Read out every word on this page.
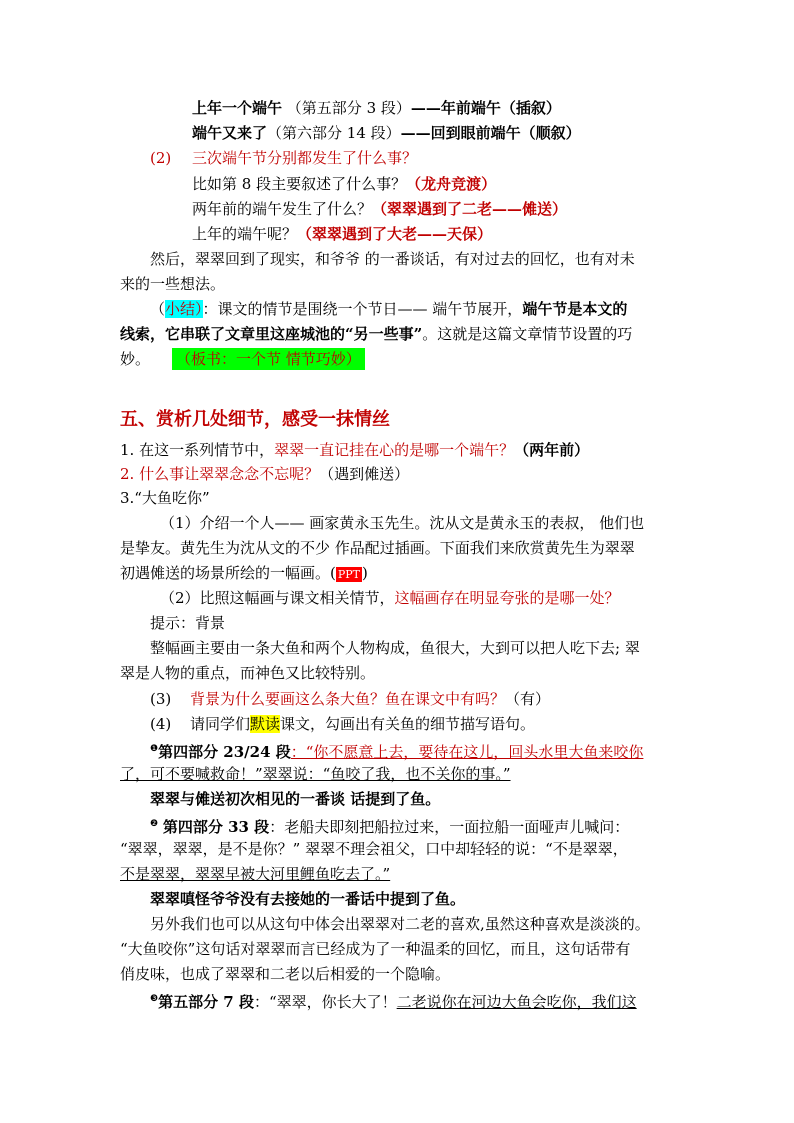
上年一个端午 （第五部分 3 段）——年前端午（插叙）
端午又来了（第六部分 14 段）——回到眼前端午（顺叙）
(2) 三次端午节分别都发生了什么事？
比如第 8 段主要叙述了什么事？（龙舟竞渡）
两年前的端午发生了什么？（翠翠遇到了二老——傩送）
上年的端午呢？（翠翠遇到了大老——天保）
然后，翠翠回到了现实，和爷爷 的一番谈话，有对过去的回忆，也有对未
来的一些想法。
（小结）：课文的情节是围绕一个节日—— 端午节展开，端午节是本文的
线索，它串联了文章里这座城池的“另一些事”。这就是这篇文章情节设置的巧
妙。 （板书：一个节 情节巧妙）
五、赏析几处细节，感受一抹情丝
1. 在这一系列情节中，翠翠一直记挂在心的是哪一个端午？（两年前）
2. 什么事让翠翠念念不忘呢？（遇到傩送）
3.“大鱼吃你”
（1）介绍一个人—— 画家黄永玉先生。沈从文是黄永玉的表叔， 他们也
是挚友。黄先生为沈从文的不少 作品配过插画。下面我们来欣赏黄先生为翠翠
初遇傩送的场景所绘的一幅画。( PPT )
（2）比照这幅画与课文相关情节，这幅画存在明显夸张的是哪一处？
提示：背景
整幅画主要由一条大鱼和两个人物构成，鱼很大，大到可以把人吃下去; 翠
翠是人物的重点，而神色又比较特别。
(3) 背景为什么要画这么条大鱼？鱼在课文中有吗？（有）
(4) 请同学们默读课文，勾画出有关鱼的细节描写语句。
$^❶$第四部分 23/24 段：“你不愿意上去，要待在这儿，回头水里大鱼来咬你
了，可不要喊救命！”翠翠说：“鱼咬了我，也不关你的事。”
翠翠与傩送初次相见的一番谈 话提到了鱼。
$^❷$ 第四部分 33 段：老船夫即刻把船拉过来，一面拉船一面哑声儿喊问：
“翠翠，翠翠，是不是你？” 翠翠不理会祖父，口中却轻轻的说：“不是翠翠，
不是翠翠，翠翠早被大河里鲤鱼吃去了。”
翠翠嗔怪爷爷没有去接她的一番话中提到了鱼。
另外我们也可以从这句中体会出翠翠对二老的喜欢,虽然这种喜欢是淡淡的。
“大鱼咬你”这句话对翠翠而言已经成为了一种温柔的回忆，而且，这句话带有
俏皮味，也成了翠翠和二老以后相爱的一个隐喻。
$^❸$第五部分 7 段：“翠翠，你长大了！二老说你在河边大鱼会吃你，我们这
